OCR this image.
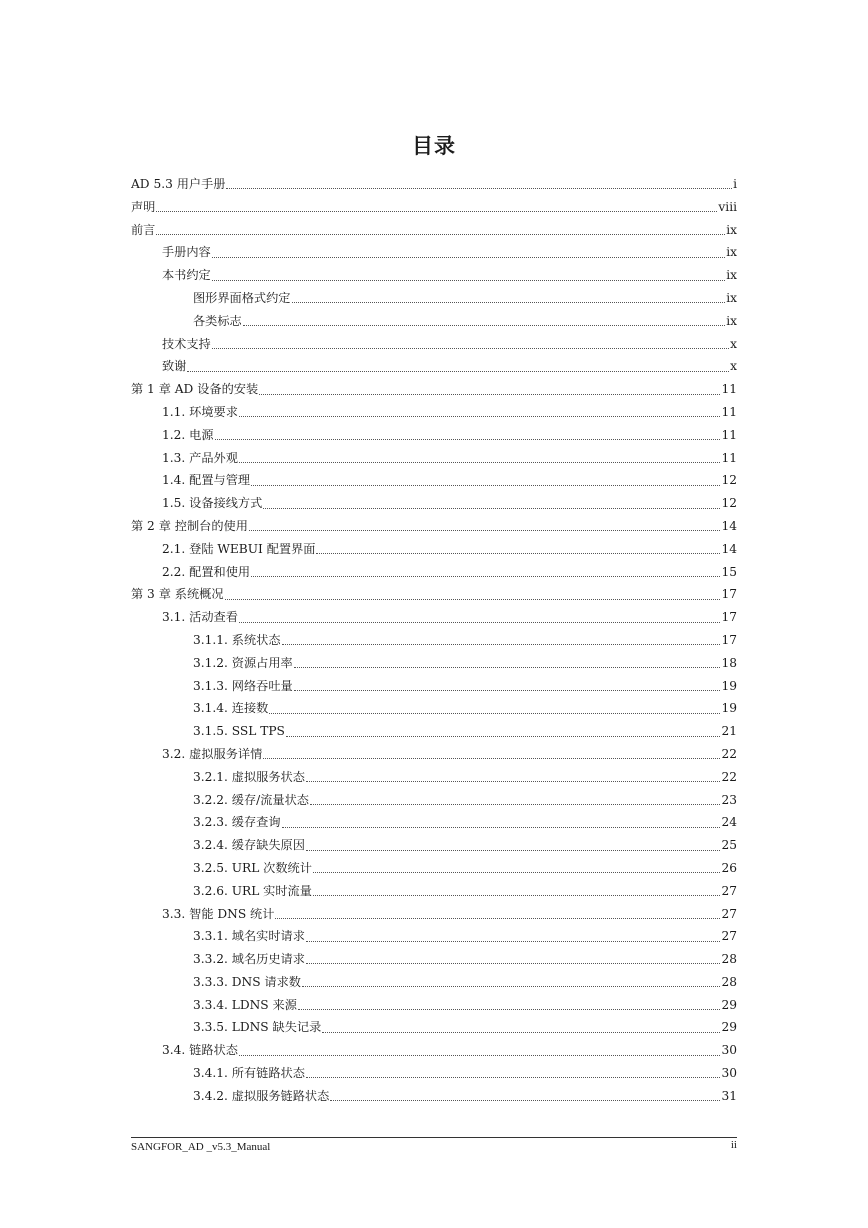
目录
AD 5.3 用户手册	i
声明	viii
前言	ix
手册内容	ix
本书约定	ix
图形界面格式约定	ix
各类标志	ix
技术支持	x
致谢	x
第 1 章 AD 设备的安装	11
1.1. 环境要求	11
1.2. 电源	11
1.3. 产品外观	11
1.4. 配置与管理	12
1.5. 设备接线方式	12
第 2 章 控制台的使用	14
2.1. 登陆 WEBUI 配置界面	14
2.2. 配置和使用	15
第 3 章 系统概况	17
3.1. 活动查看	17
3.1.1. 系统状态	17
3.1.2. 资源占用率	18
3.1.3. 网络吞吐量	19
3.1.4. 连接数	19
3.1.5. SSL TPS	21
3.2. 虚拟服务详情	22
3.2.1. 虚拟服务状态	22
3.2.2. 缓存/流量状态	23
3.2.3. 缓存查询	24
3.2.4. 缓存缺失原因	25
3.2.5. URL 次数统计	26
3.2.6. URL 实时流量	27
3.3. 智能 DNS 统计	27
3.3.1. 域名实时请求	27
3.3.2. 域名历史请求	28
3.3.3. DNS 请求数	28
3.3.4. LDNS 来源	29
3.3.5. LDNS 缺失记录	29
3.4. 链路状态	30
3.4.1. 所有链路状态	30
3.4.2. 虚拟服务链路状态	31
SANGFOR_AD _v5.3_Manual	ii
